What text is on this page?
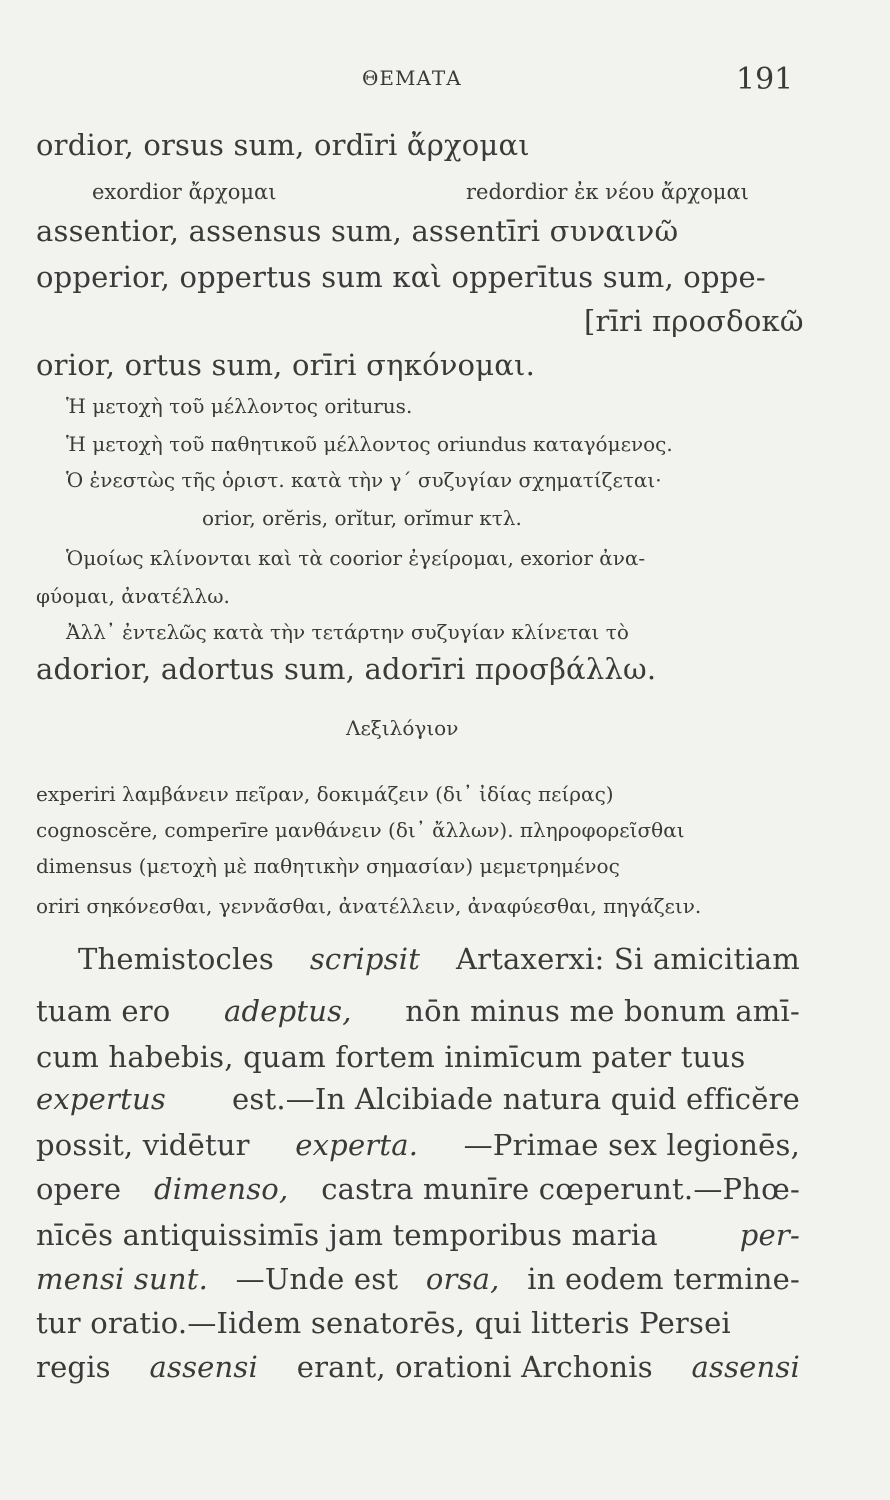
ΘΕΜΑΤΑ	191
ordior, orsus sum, ordīri ἄρχομαι
exordior ἄρχομαι	redordior ἐκ νέου ἄρχομαι
assentior, assensus sum, assentīri συναινῶ
opperior, oppertus sum καὶ opperītus sum, oppe-
[rīri προσδοκῶ
orior, ortus sum, orīri σηκόνομαι.
Ἡ μετοχὴ τοῦ μέλλοντος oriturus.
Ἡ μετοχὴ τοῦ παθητικοῦ μέλλοντος oriundus καταγόμενος.
Ὁ ἐνεστὼς τῆς ὁριστ. κατὰ τὴν γ΄ συζυγίαν σχηματίζεται·
orior, orĕris, orĭtur, orĭmur κτλ.
Ὁμοίως κλίνονται καὶ τὰ coorior ἐγείρομαι, exorior ἀνα-
φύομαι, ἀνατέλλω.
Ἀλλ᾽ ἐντελῶς κατὰ τὴν τετάρτην συζυγίαν κλίνεται τὸ
adorior, adortus sum, adorīri προσβάλλω.
Λεξιλόγιον
experiri λαμβάνειν πεῖραν, δοκιμάζειν (δι᾽ ἰδίας πείρας)
cognoscĕre, comperīre μανθάνειν (δι᾽ ἄλλων). πληροφορεῖσθαι
dimensus (μετοχὴ μὲ παθητικὴν σημασίαν) μεμετρημένος
oriri σηκόνεσθαι, γεννᾶσθαι, ἀνατέλλειν, ἀναφύεσθαι, πηγάζειν.
Themistocles scripsit Artaxerxi: Si amicitiam
tuam ero adeptus, nōn minus me bonum amī-
cum habebis, quam fortem inimīcum pater tuus
expertus est.—In Alcibiade natura quid efficĕre
possit, vidētur experta. —Primae sex legionēs,
opere dimenso, castra munīre cœperunt.—Phœ-
nīcēs antiquissimīs jam temporibus maria	per-
mensi sunt. —Unde est orsa, in eodem termine-
tur oratio.—Iidem senatorēs, qui litteris Persei
regis assensi erant, orationi Archonis assensi
